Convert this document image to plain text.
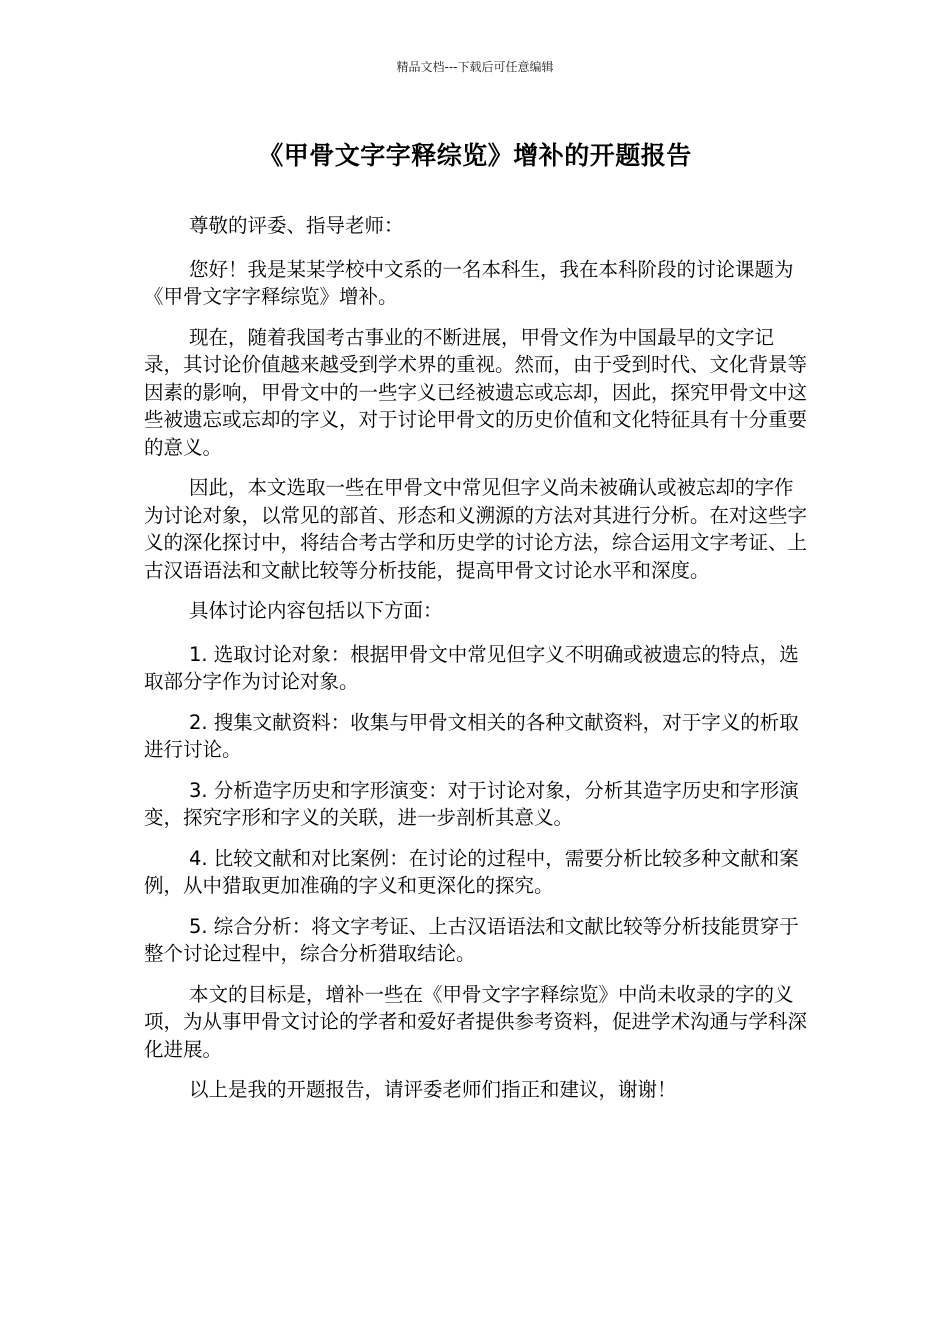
精品文档---下载后可任意编辑
《甲骨文字字释综览》增补的开题报告

尊敬的评委、指导老师：

您好！我是某某学校中文系的一名本科生，我在本科阶段的讨论课题为《甲骨文字字释综览》增补。

现在，随着我国考古事业的不断进展，甲骨文作为中国最早的文字记录，其讨论价值越来越受到学术界的重视。然而，由于受到时代、文化背景等因素的影响，甲骨文中的一些字义已经被遗忘或忘却，因此，探究甲骨文中这些被遗忘或忘却的字义，对于讨论甲骨文的历史价值和文化特征具有十分重要的意义。

因此，本文选取一些在甲骨文中常见但字义尚未被确认或被忘却的字作为讨论对象，以常见的部首、形态和义溯源的方法对其进行分析。在对这些字义的深化探讨中，将结合考古学和历史学的讨论方法，综合运用文字考证、上古汉语语法和文献比较等分析技能，提高甲骨文讨论水平和深度。

具体讨论内容包括以下方面：

1. 选取讨论对象：根据甲骨文中常见但字义不明确或被遗忘的特点，选取部分字作为讨论对象。

2. 搜集文献资料：收集与甲骨文相关的各种文献资料，对于字义的析取进行讨论。

3. 分析造字历史和字形演变：对于讨论对象，分析其造字历史和字形演变，探究字形和字义的关联，进一步剖析其意义。

4. 比较文献和对比案例：在讨论的过程中，需要分析比较多种文献和案例，从中猎取更加准确的字义和更深化的探究。

5. 综合分析：将文字考证、上古汉语语法和文献比较等分析技能贯穿于整个讨论过程中，综合分析猎取结论。

本文的目标是，增补一些在《甲骨文字字释综览》中尚未收录的字的义项，为从事甲骨文讨论的学者和爱好者提供参考资料，促进学术沟通与学科深化进展。

以上是我的开题报告，请评委老师们指正和建议，谢谢！
